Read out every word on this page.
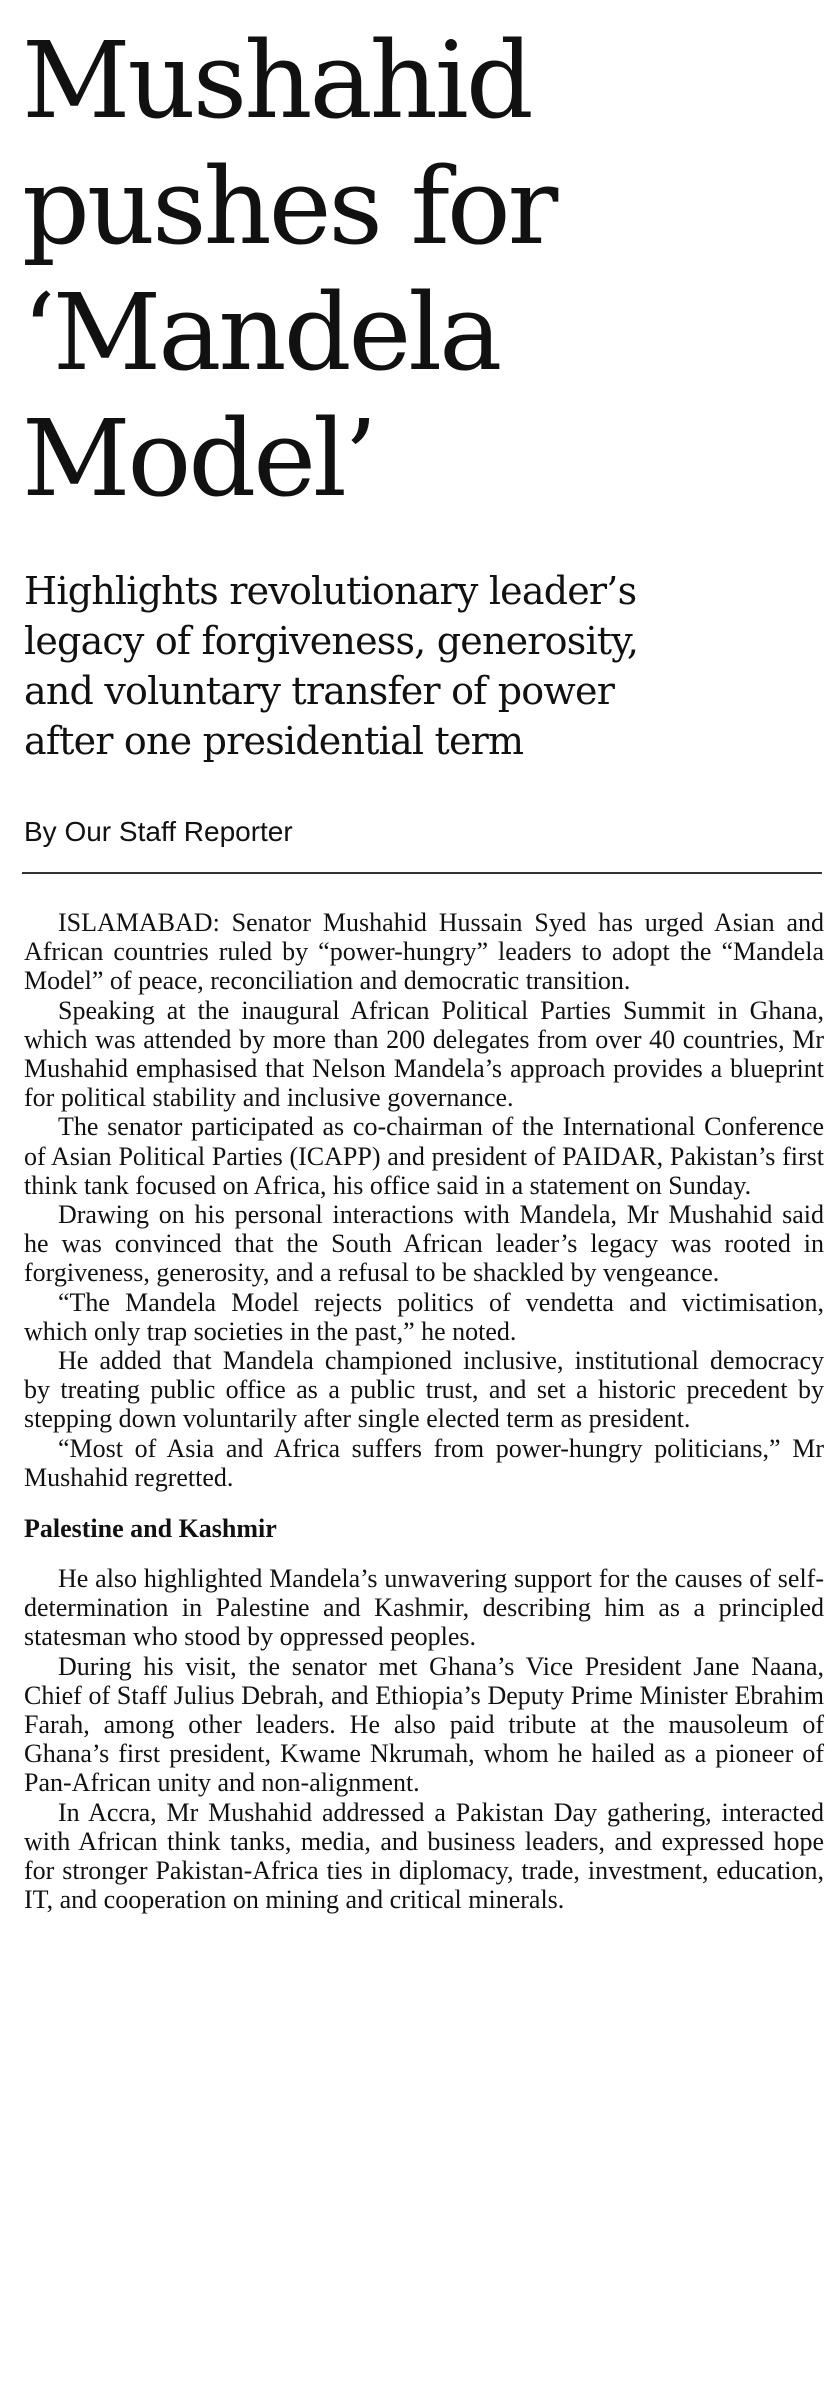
Mushahid
pushes for
‘Mandela
Model’
Highlights revolutionary leader’s
legacy of forgiveness, generosity,
and voluntary transfer of power
after one presidential term
By Our Staff Reporter

ISLAMABAD: Senator Mushahid Hussain Syed has urged Asian and African countries ruled by “power-hungry” leaders to adopt the “Mandela Model” of peace, reconciliation and democratic transition.

Speaking at the inaugural African Political Parties Summit in Ghana, which was attended by more than 200 delegates from over 40 countries, Mr Mushahid emphasised that Nelson Mandela’s approach provides a blueprint for political stability and inclusive governance.

The senator participated as co-chairman of the International Conference of Asian Political Parties (ICAPP) and president of PAIDAR, Pakistan’s first think tank focused on Africa, his office said in a statement on Sunday.

Drawing on his personal interactions with Mandela, Mr Mushahid said he was convinced that the South African leader’s legacy was rooted in forgiveness, generosity, and a refusal to be shackled by vengeance.

“The Mandela Model rejects politics of vendetta and victimisation, which only trap societies in the past,” he noted.

He added that Mandela championed inclusive, institutional democracy by treating public office as a public trust, and set a historic precedent by stepping down voluntarily after single elected term as president.

“Most of Asia and Africa suffers from power-hungry politicians,” Mr Mushahid regretted.

Palestine and Kashmir

He also highlighted Mandela’s unwavering support for the causes of self-determination in Palestine and Kashmir, describing him as a principled statesman who stood by oppressed peoples.

During his visit, the senator met Ghana’s Vice President Jane Naana, Chief of Staff Julius Debrah, and Ethiopia’s Deputy Prime Minister Ebrahim Farah, among other leaders. He also paid tribute at the mausoleum of Ghana’s first president, Kwame Nkrumah, whom he hailed as a pioneer of Pan-African unity and non-alignment.

In Accra, Mr Mushahid addressed a Pakistan Day gathering, interacted with African think tanks, media, and business leaders, and expressed hope for stronger Pakistan-Africa ties in diplomacy, trade, investment, education, IT, and cooperation on mining and critical minerals.
